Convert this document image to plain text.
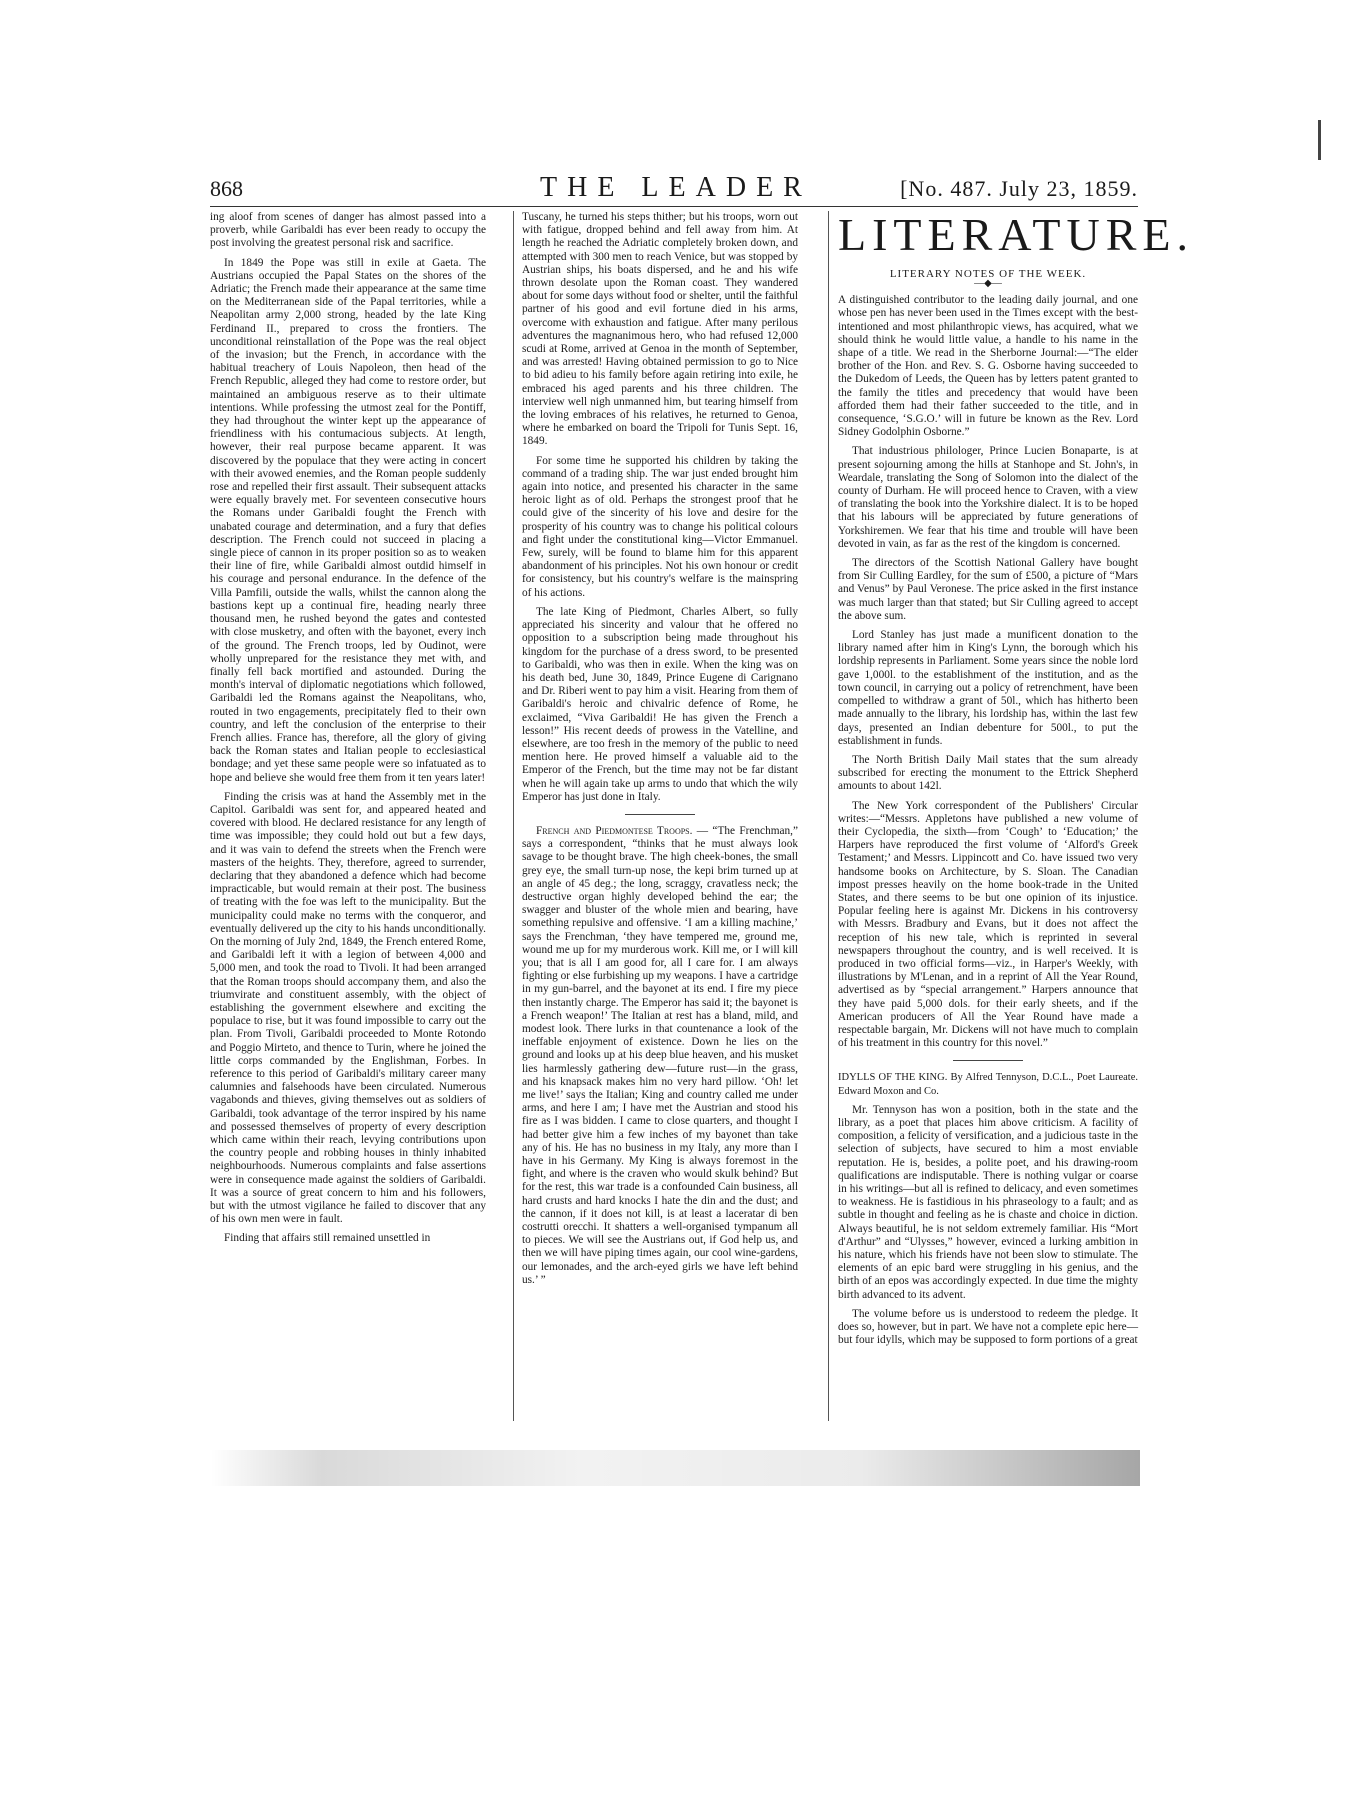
868	THE LEADER	[No. 487. July 23, 1859.

ing aloof from scenes of danger has almost passed into a proverb, while Garibaldi has ever been ready to occupy the post involving the greatest personal risk and sacrifice.

In 1849 the Pope was still in exile at Gaeta. The Austrians occupied the Papal States on the shores of the Adriatic; the French made their appearance at the same time on the Mediterranean side of the Papal territories, while a Neapolitan army 2,000 strong, headed by the late King Ferdinand II., prepared to cross the frontiers. The unconditional reinstallation of the Pope was the real object of the invasion; but the French, in accordance with the habitual treachery of Louis Napoleon, then head of the French Republic, alleged they had come to restore order, but maintained an ambiguous reserve as to their ultimate intentions. While professing the utmost zeal for the Pontiff, they had throughout the winter kept up the appearance of friendliness with his contumacious subjects. At length, however, their real purpose became apparent. It was discovered by the populace that they were acting in concert with their avowed enemies, and the Roman people suddenly rose and repelled their first assault. Their subsequent attacks were equally bravely met. For seventeen consecutive hours the Romans under Garibaldi fought the French with unabated courage and determination, and a fury that defies description. The French could not succeed in placing a single piece of cannon in its proper position so as to weaken their line of fire, while Garibaldi almost outdid himself in his courage and personal endurance. In the defence of the Villa Pamfili, outside the walls, whilst the cannon along the bastions kept up a continual fire, heading nearly three thousand men, he rushed beyond the gates and contested with close musketry, and often with the bayonet, every inch of the ground. The French troops, led by Oudinot, were wholly unprepared for the resistance they met with, and finally fell back mortified and astounded. During the month's interval of diplomatic negotiations which followed, Garibaldi led the Romans against the Neapolitans, who, routed in two engagements, precipitately fled to their own country, and left the conclusion of the enterprise to their French allies. France has, therefore, all the glory of giving back the Roman states and Italian people to ecclesiastical bondage; and yet these same people were so infatuated as to hope and believe she would free them from it ten years later!

Finding the crisis was at hand the Assembly met in the Capitol. Garibaldi was sent for, and appeared heated and covered with blood. He declared resistance for any length of time was impossible; they could hold out but a few days, and it was vain to defend the streets when the French were masters of the heights. They, therefore, agreed to surrender, declaring that they abandoned a defence which had become impracticable, but would remain at their post. The business of treating with the foe was left to the municipality. But the municipality could make no terms with the conqueror, and eventually delivered up the city to his hands unconditionally. On the morning of July 2nd, 1849, the French entered Rome, and Garibaldi left it with a legion of between 4,000 and 5,000 men, and took the road to Tivoli. It had been arranged that the Roman troops should accompany them, and also the triumvirate and constituent assembly, with the object of establishing the government elsewhere and exciting the populace to rise, but it was found impossible to carry out the plan. From Tivoli, Garibaldi proceeded to Monte Rotondo and Poggio Mirteto, and thence to Turin, where he joined the little corps commanded by the Englishman, Forbes. In reference to this period of Garibaldi's military career many calumnies and falsehoods have been circulated. Numerous vagabonds and thieves, giving themselves out as soldiers of Garibaldi, took advantage of the terror inspired by his name and possessed themselves of property of every description which came within their reach, levying contributions upon the country people and robbing houses in thinly inhabited neighbourhoods. Numerous complaints and false assertions were in consequence made against the soldiers of Garibaldi. It was a source of great concern to him and his followers, but with the utmost vigilance he failed to discover that any of his own men were in fault.

Finding that affairs still remained unsettled in

Tuscany, he turned his steps thither; but his troops, worn out with fatigue, dropped behind and fell away from him. At length he reached the Adriatic completely broken down, and attempted with 300 men to reach Venice, but was stopped by Austrian ships, his boats dispersed, and he and his wife thrown desolate upon the Roman coast. They wandered about for some days without food or shelter, until the faithful partner of his good and evil fortune died in his arms, overcome with exhaustion and fatigue. After many perilous adventures the magnanimous hero, who had refused 12,000 scudi at Rome, arrived at Genoa in the month of September, and was arrested! Having obtained permission to go to Nice to bid adieu to his family before again retiring into exile, he embraced his aged parents and his three children. The interview well nigh unmanned him, but tearing himself from the loving embraces of his relatives, he returned to Genoa, where he embarked on board the Tripoli for Tunis Sept. 16, 1849.

For some time he supported his children by taking the command of a trading ship. The war just ended brought him again into notice, and presented his character in the same heroic light as of old. Perhaps the strongest proof that he could give of the sincerity of his love and desire for the prosperity of his country was to change his political colours and fight under the constitutional king—Victor Emmanuel. Few, surely, will be found to blame him for this apparent abandonment of his principles. Not his own honour or credit for consistency, but his country's welfare is the mainspring of his actions.

The late King of Piedmont, Charles Albert, so fully appreciated his sincerity and valour that he offered no opposition to a subscription being made throughout his kingdom for the purchase of a dress sword, to be presented to Garibaldi, who was then in exile. When the king was on his death bed, June 30, 1849, Prince Eugene di Carignano and Dr. Riberi went to pay him a visit. Hearing from them of Garibaldi's heroic and chivalric defence of Rome, he exclaimed, “Viva Garibaldi! He has given the French a lesson!” His recent deeds of prowess in the Vatelline, and elsewhere, are too fresh in the memory of the public to need mention here. He proved himself a valuable aid to the Emperor of the French, but the time may not be far distant when he will again take up arms to undo that which the wily Emperor has just done in Italy.

French and Piedmontese Troops. — “The Frenchman,” says a correspondent, “thinks that he must always look savage to be thought brave. The high cheek-bones, the small grey eye, the small turn-up nose, the kepi brim turned up at an angle of 45 deg.; the long, scraggy, cravatless neck; the destructive organ highly developed behind the ear; the swagger and bluster of the whole mien and bearing, have something repulsive and offensive. ‘I am a killing machine,’ says the Frenchman, ‘they have tempered me, ground me, wound me up for my murderous work. Kill me, or I will kill you; that is all I am good for, all I care for. I am always fighting or else furbishing up my weapons. I have a cartridge in my gun-barrel, and the bayonet at its end. I fire my piece then instantly charge. The Emperor has said it; the bayonet is a French weapon!’ The Italian at rest has a bland, mild, and modest look. There lurks in that countenance a look of the ineffable enjoyment of existence. Down he lies on the ground and looks up at his deep blue heaven, and his musket lies harmlessly gathering dew—future rust—in the grass, and his knapsack makes him no very hard pillow. ‘Oh! let me live!’ says the Italian; King and country called me under arms, and here I am; I have met the Austrian and stood his fire as I was bidden. I came to close quarters, and thought I had better give him a few inches of my bayonet than take any of his. He has no business in my Italy, any more than I have in his Germany. My King is always foremost in the fight, and where is the craven who would skulk behind? But for the rest, this war trade is a confounded Cain business, all hard crusts and hard knocks I hate the din and the dust; and the cannon, if it does not kill, is at least a laceratar di ben costrutti orecchi. It shatters a well-organised tympanum all to pieces. We will see the Austrians out, if God help us, and then we will have piping times again, our cool wine-gardens, our lemonades, and the arch-eyed girls we have left behind us.’ ”

LITERATURE.
LITERARY NOTES OF THE WEEK.
—◆—

A distinguished contributor to the leading daily journal, and one whose pen has never been used in the Times except with the best-intentioned and most philanthropic views, has acquired, what we should think he would little value, a handle to his name in the shape of a title. We read in the Sherborne Journal:—“The elder brother of the Hon. and Rev. S. G. Osborne having succeeded to the Dukedom of Leeds, the Queen has by letters patent granted to the family the titles and precedency that would have been afforded them had their father succeeded to the title, and in consequence, ‘S.G.O.’ will in future be known as the Rev. Lord Sidney Godolphin Osborne.”

That industrious philologer, Prince Lucien Bonaparte, is at present sojourning among the hills at Stanhope and St. John's, in Weardale, translating the Song of Solomon into the dialect of the county of Durham. He will proceed hence to Craven, with a view of translating the book into the Yorkshire dialect. It is to be hoped that his labours will be appreciated by future generations of Yorkshiremen. We fear that his time and trouble will have been devoted in vain, as far as the rest of the kingdom is concerned.

The directors of the Scottish National Gallery have bought from Sir Culling Eardley, for the sum of £500, a picture of “Mars and Venus” by Paul Veronese. The price asked in the first instance was much larger than that stated; but Sir Culling agreed to accept the above sum.

Lord Stanley has just made a munificent donation to the library named after him in King's Lynn, the borough which his lordship represents in Parliament. Some years since the noble lord gave 1,000l. to the establishment of the institution, and as the town council, in carrying out a policy of retrenchment, have been compelled to withdraw a grant of 50l., which has hitherto been made annually to the library, his lordship has, within the last few days, presented an Indian debenture for 500l., to put the establishment in funds.

The North British Daily Mail states that the sum already subscribed for erecting the monument to the Ettrick Shepherd amounts to about 142l.

The New York correspondent of the Publishers' Circular writes:—“Messrs. Appletons have published a new volume of their Cyclopedia, the sixth—from ‘Cough’ to ‘Education;’ the Harpers have reproduced the first volume of ‘Alford's Greek Testament;’ and Messrs. Lippincott and Co. have issued two very handsome books on Architecture, by S. Sloan. The Canadian impost presses heavily on the home book-trade in the United States, and there seems to be but one opinion of its injustice. Popular feeling here is against Mr. Dickens in his controversy with Messrs. Bradbury and Evans, but it does not affect the reception of his new tale, which is reprinted in several newspapers throughout the country, and is well received. It is produced in two official forms—viz., in Harper's Weekly, with illustrations by M'Lenan, and in a reprint of All the Year Round, advertised as by “special arrangement.” Harpers announce that they have paid 5,000 dols. for their early sheets, and if the American producers of All the Year Round have made a respectable bargain, Mr. Dickens will not have much to complain of his treatment in this country for this novel.”

IDYLLS OF THE KING. By Alfred Tennyson, D.C.L., Poet Laureate. Edward Moxon and Co.

Mr. Tennyson has won a position, both in the state and the library, as a poet that places him above criticism. A facility of composition, a felicity of versification, and a judicious taste in the selection of subjects, have secured to him a most enviable reputation. He is, besides, a polite poet, and his drawing-room qualifications are indisputable. There is nothing vulgar or coarse in his writings—but all is refined to delicacy, and even sometimes to weakness. He is fastidious in his phraseology to a fault; and as subtle in thought and feeling as he is chaste and choice in diction. Always beautiful, he is not seldom extremely familiar. His “Mort d'Arthur” and “Ulysses,” however, evinced a lurking ambition in his nature, which his friends have not been slow to stimulate. The elements of an epic bard were struggling in his genius, and the birth of an epos was accordingly expected. In due time the mighty birth advanced to its advent.

The volume before us is understood to redeem the pledge. It does so, however, but in part. We have not a complete epic here—but four idylls, which may be supposed to form portions of a great
